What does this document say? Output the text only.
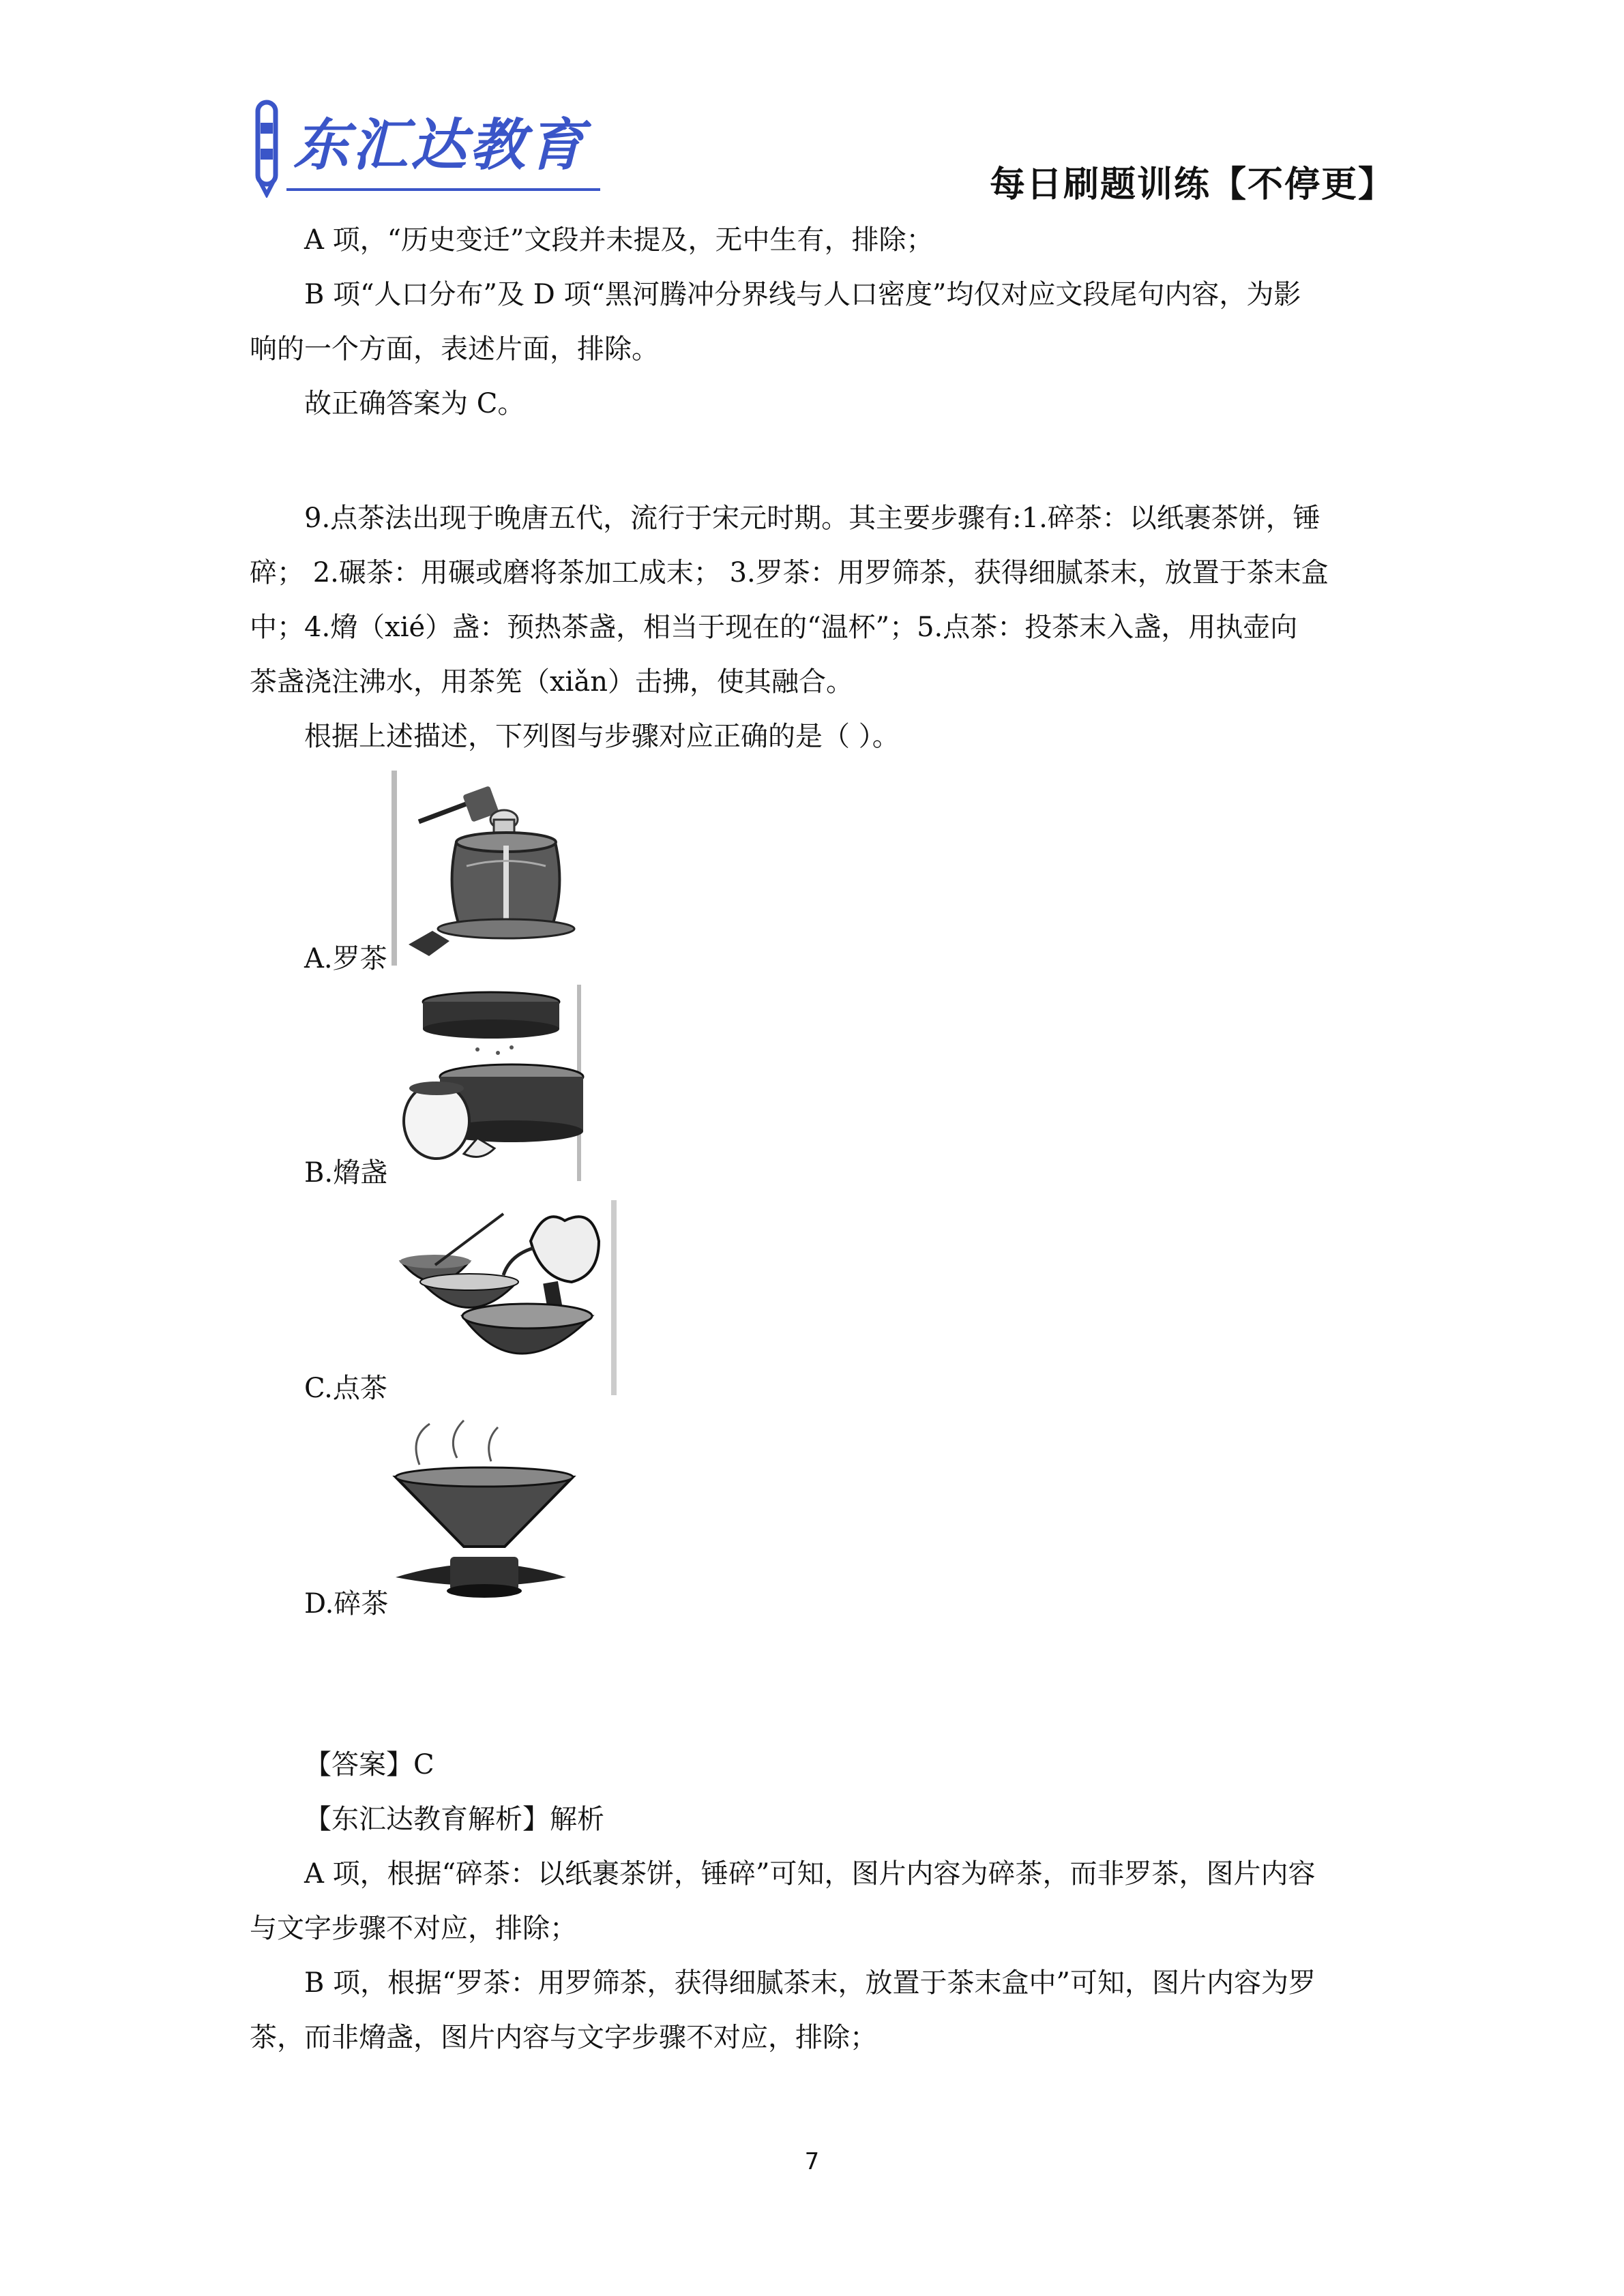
东汇达教育
每日刷题训练【不停更】
A 项，“历史变迁”文段并未提及，无中生有，排除；
B 项“人口分布”及 D 项“黑河腾冲分界线与人口密度”均仅对应文段尾句内容，为影
响的一个方面，表述片面，排除。
故正确答案为 C。
9.点茶法出现于晚唐五代，流行于宋元时期。其主要步骤有:1.碎茶：以纸裹茶饼，锤
碎； 2.碾茶：用碾或磨将茶加工成末； 3.罗茶：用罗筛茶，获得细腻茶末，放置于茶末盒
中；4.熁（xié）盏：预热茶盏，相当于现在的“温杯”；5.点茶：投茶末入盏，用执壶向
茶盏浇注沸水，用茶筅（xiǎn）击拂，使其融合。
根据上述描述，下列图与步骤对应正确的是（ ）。
A.罗茶
B.熁盏
C.点茶
D.碎茶
【答案】C
【东汇达教育解析】解析
A 项，根据“碎茶：以纸裹茶饼，锤碎”可知，图片内容为碎茶，而非罗茶，图片内容
与文字步骤不对应，排除；
B 项，根据“罗茶：用罗筛茶，获得细腻茶末，放置于茶末盒中”可知，图片内容为罗
茶，而非熁盏，图片内容与文字步骤不对应，排除；
7
